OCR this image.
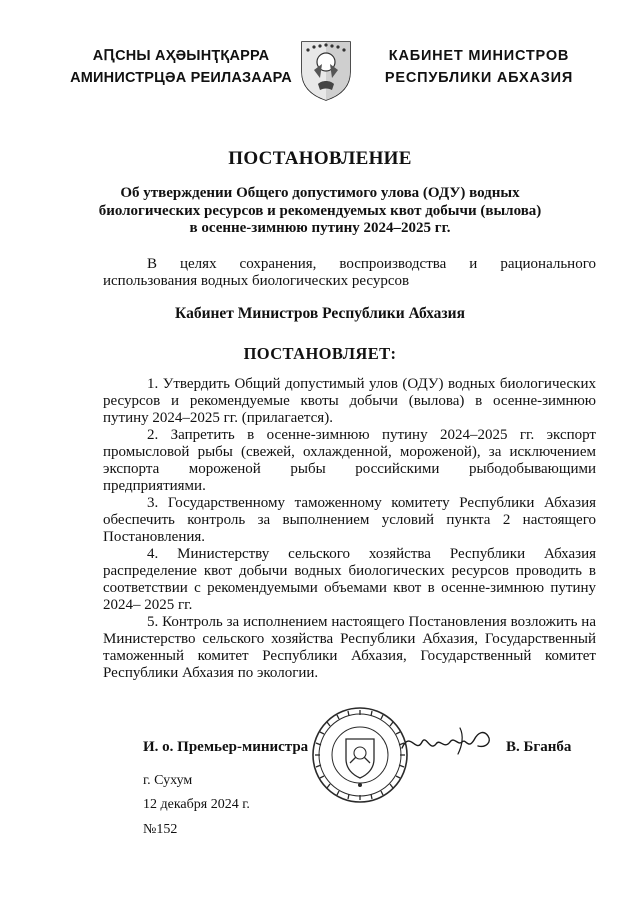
АԤСНЫ АҲӘЫНҬҚАРРА
АМИНИСТРЦӘА РЕИЛАЗААРА
КАБИНЕТ МИНИСТРОВ
РЕСПУБЛИКИ АБХАЗИЯ
ПОСТАНОВЛЕНИЕ
Об утверждении Общего допустимого улова (ОДУ) водных
биологических ресурсов и рекомендуемых квот добычи (вылова)
в осенне-зимнюю путину 2024–2025 гг.
В целях сохранения, воспроизводства и рационального использования водных биологических ресурсов
Кабинет Министров Республики Абхазия
ПОСТАНОВЛЯЕТ:

1. Утвердить Общий допустимый улов (ОДУ) водных биологических ресурсов и рекомендуемые квоты добычи (вылова) в осенне-зимнюю путину 2024–2025 гг. (прилагается).

2. Запретить в осенне-зимнюю путину 2024–2025 гг. экспорт промысловой рыбы (свежей, охлажденной, мороженой), за исключением экспорта мороженой рыбы российскими рыбодобывающими предприятиями.

3. Государственному таможенному комитету Республики Абхазия обеспечить контроль за выполнением условий пункта 2 настоящего Постановления.

4. Министерству сельского хозяйства Республики Абхазия распределение квот добычи водных биологических ресурсов проводить в соответствии с рекомендуемыми объемами квот в осенне-зимнюю путину 2024– 2025 гг.

5. Контроль за исполнением настоящего Постановления возложить на Министерство сельского хозяйства Республики Абхазия, Государственный таможенный комитет Республики Абхазия, Государственный комитет Республики Абхазия по экологии.

И. о. Премьер-министра	В. Бганба
г. Сухум
12 декабря 2024 г.
№152
